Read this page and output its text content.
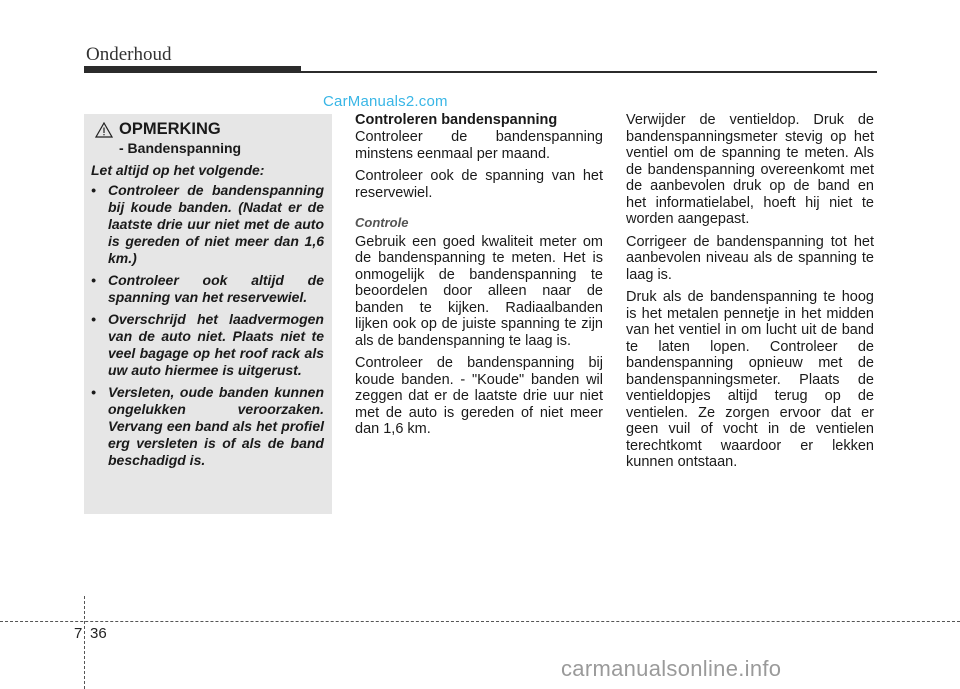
Onderhoud
CarManuals2.com
OPMERKING
- Bandenspanning
Let altijd op het volgende:
• Controleer de bandenspanning bij koude banden. (Nadat er de laatste drie uur niet met de auto is gereden of niet meer dan 1,6 km.)
• Controleer ook altijd de spanning van het reservewiel.
• Overschrijd het laadvermogen van de auto niet. Plaats niet te veel bagage op het roof rack als uw auto hiermee is uitgerust.
• Versleten, oude banden kunnen ongelukken veroorzaken. Vervang een band als het profiel erg versleten is of als de band beschadigd is.
Controleren bandenspanning

Controleer de bandenspanning minstens eenmaal per maand.

Controleer ook de spanning van het reservewiel.

Controle

Gebruik een goed kwaliteit meter om de bandenspanning te meten. Het is onmogelijk de bandenspanning te beoordelen door alleen naar de banden te kijken. Radiaalbanden lijken ook op de juiste spanning te zijn als de bandenspanning te laag is.

Controleer de bandenspanning bij koude banden. - "Koude" banden wil zeggen dat er de laatste drie uur niet met de auto is gereden of niet meer dan 1,6 km.

Verwijder de ventieldop. Druk de bandenspanningsmeter stevig op het ventiel om de spanning te meten. Als de bandenspanning overeenkomt met de aanbevolen druk op de band en het informatielabel, hoeft hij niet te worden aangepast.

Corrigeer de bandenspanning tot het aanbevolen niveau als de spanning te laag is.

Druk als de bandenspanning te hoog is het metalen pennetje in het midden van het ventiel in om lucht uit de band te laten lopen. Controleer de bandenspanning opnieuw met de bandenspanningsmeter. Plaats de ventieldopjes altijd terug op de ventielen. Ze zorgen ervoor dat er geen vuil of vocht in de ventielen terechtkomt waardoor er lekken kunnen ontstaan.

7 36
carmanualsonline.info
